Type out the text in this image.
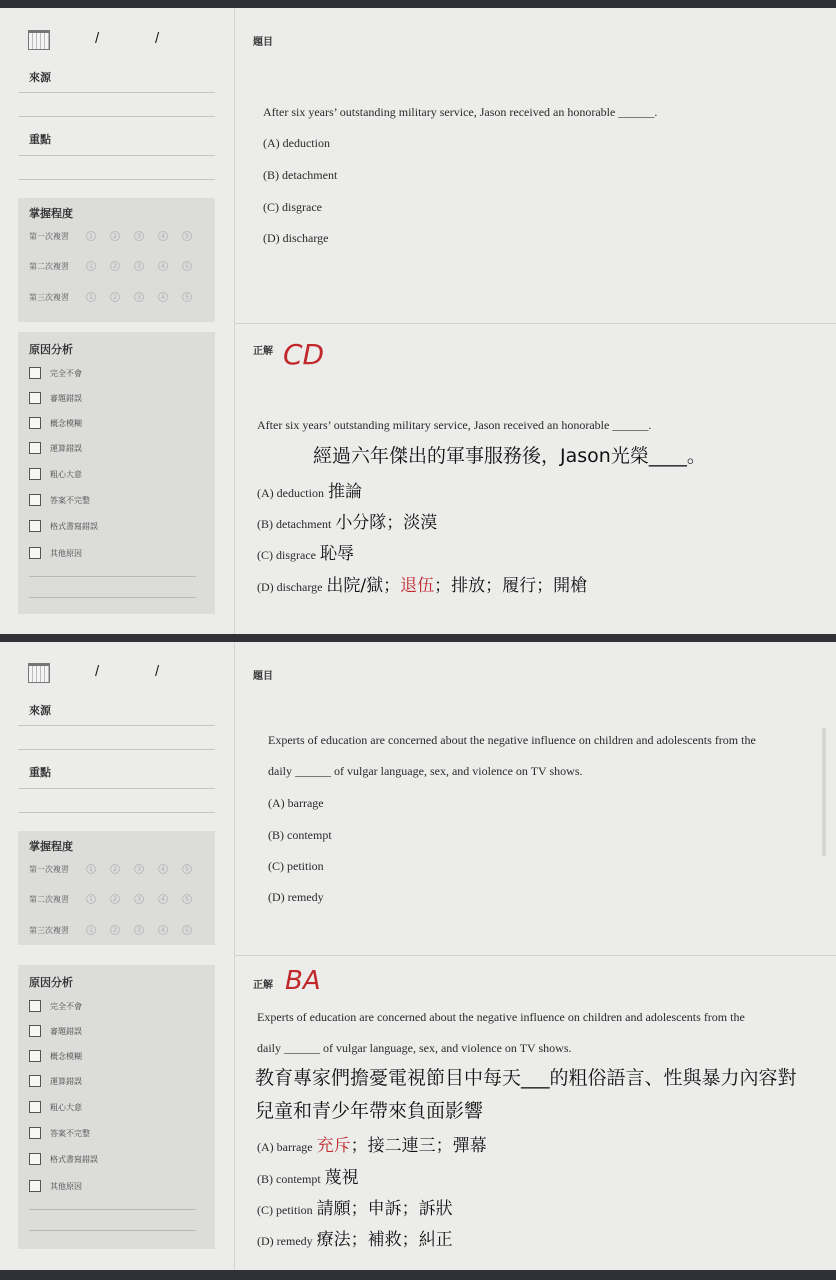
/	/
來源
重點
掌握程度
第一次複習	1	2	3	4	5
第二次複習	1	2	3	4	5
第三次複習	1	2	3	4	5
原因分析
完全不會
審題錯誤
概念模糊
運算錯誤
粗心大意
答案不完整
格式書寫錯誤
其他原因
題目
After six years’ outstanding military service, Jason received an honorable ______.
(A) deduction
(B) detachment
(C) disgrace
(D) discharge
正解 CD
After six years’ outstanding military service, Jason received an honorable ______.
經過六年傑出的軍事服務後，Jason光榮____。
(A) deduction 推論
(B) detachment 小分隊；淡漠
(C) disgrace 恥辱
(D) discharge 出院/獄；退伍；排放；履行；開槍
/	/
來源
重點
掌握程度
第一次複習	1	2	3	4	5
第二次複習	1	2	3	4	5
第三次複習	1	2	3	4	5
原因分析
完全不會
審題錯誤
概念模糊
運算錯誤
粗心大意
答案不完整
格式書寫錯誤
其他原因
題目
Experts of education are concerned about the negative influence on children and adolescents from the
daily ______ of vulgar language, sex, and violence on TV shows.
(A) barrage
(B) contempt
(C) petition
(D) remedy
正解 BA
Experts of education are concerned about the negative influence on children and adolescents from the
daily ______ of vulgar language, sex, and violence on TV shows.
教育專家們擔憂電視節目中每天___的粗俗語言、性與暴力內容對兒童和青少年帶來負面影響
(A) barrage 充斥；接二連三；彈幕
(B) contempt 蔑視
(C) petition 請願；申訴；訴狀
(D) remedy 療法；補救；糾正
